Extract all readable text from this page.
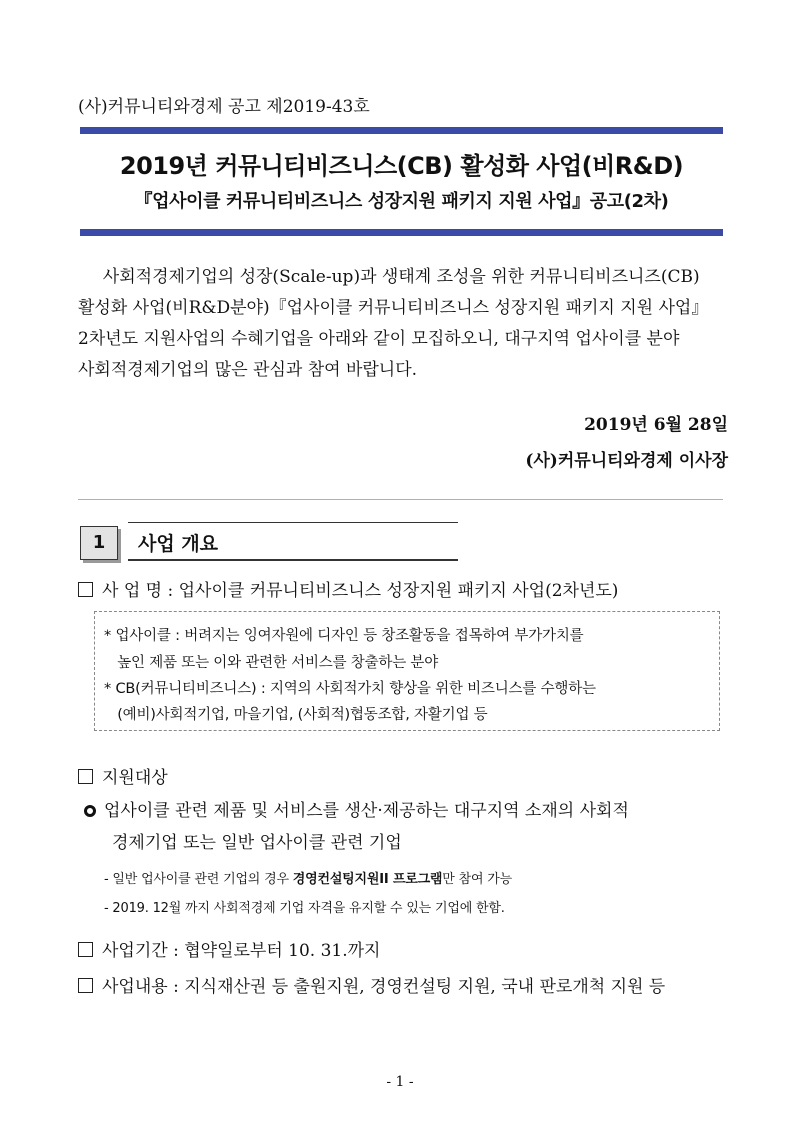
(사)커뮤니티와경제 공고 제2019-43호
2019년 커뮤니티비즈니스(CB) 활성화 사업(비R&D)
『업사이클 커뮤니티비즈니스 성장지원 패키지 지원 사업』공고(2차)
사회적경제기업의 성장(Scale-up)과 생태계 조성을 위한 커뮤니티비즈니즈(CB)
활성화 사업(비R&D분야)『업사이클 커뮤니티비즈니스 성장지원 패키지 지원 사업』
2차년도 지원사업의 수혜기업을 아래와 같이 모집하오니, 대구지역 업사이클 분야
사회적경제기업의 많은 관심과 참여 바랍니다.
2019년 6월 28일
(사)커뮤니티와경제 이사장
1	사업 개요
사 업 명 : 업사이클 커뮤니티비즈니스 성장지원 패키지 사업(2차년도)
* 업사이클 : 버려지는 잉여자원에 디자인 등 창조활동을 접목하여 부가가치를
높인 제품 또는 이와 관련한 서비스를 창출하는 분야
* CB(커뮤니티비즈니스) : 지역의 사회적가치 향상을 위한 비즈니스를 수행하는
(예비)사회적기업, 마을기업, (사회적)협동조합, 자활기업 등
지원대상
업사이클 관련 제품 및 서비스를 생산·제공하는 대구지역 소재의 사회적
경제기업 또는 일반 업사이클 관련 기업
- 일반 업사이클 관련 기업의 경우 경영컨설팅지원II 프로그램만 참여 가능
- 2019. 12월 까지 사회적경제 기업 자격을 유지할 수 있는 기업에 한함.
사업기간 : 협약일로부터 10. 31.까지
사업내용 : 지식재산권 등 출원지원, 경영컨설팅 지원, 국내 판로개척 지원 등
- 1 -
